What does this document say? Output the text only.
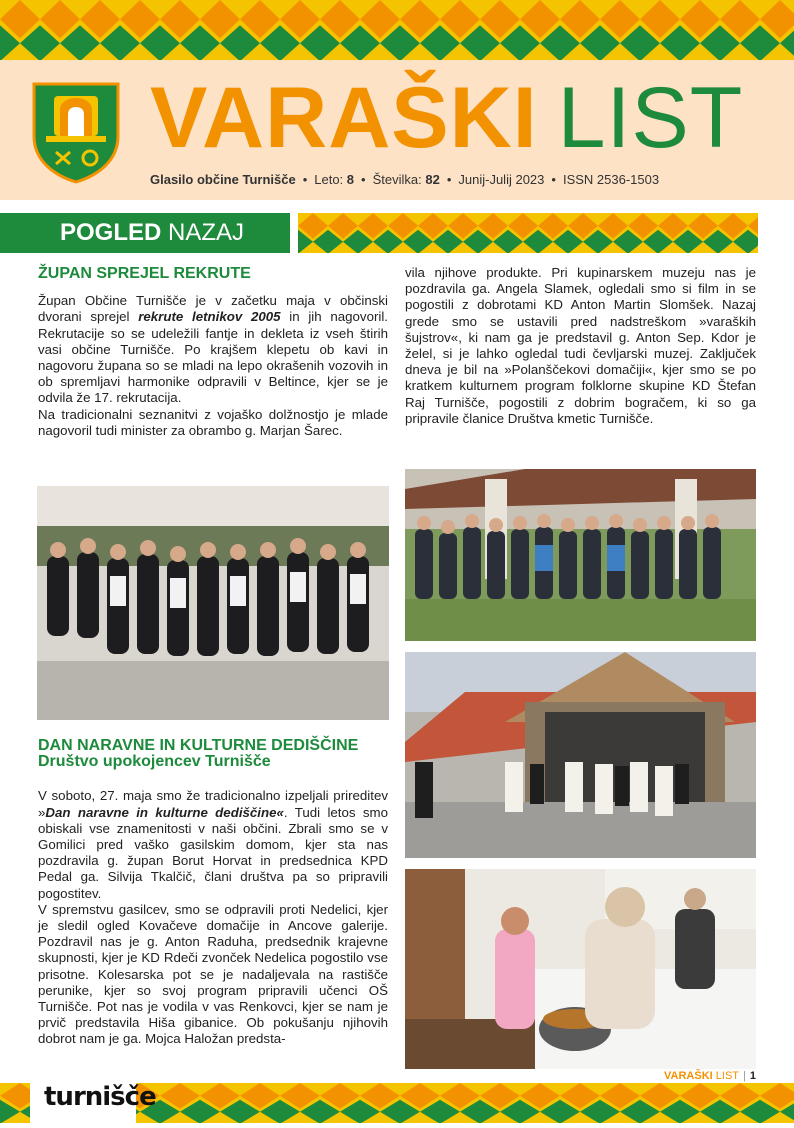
VARAŠKI LIST
Glasilo občine Turnišče • Leto: 8 • Številka: 82 • Junij-Julij 2023 • ISSN 2536-1503
POGLED NAZAJ
ŽUPAN SPREJEL REKRUTE

Župan Občine Turnišče je v začetku maja v občinski dvorani sprejel rekrute letnikov 2005 in jih nagovoril. Rekrutacije so se udeležili fantje in dekleta iz vseh štirih vasi občine Turnišče. Po krajšem klepetu ob kavi in nagovoru župana so se mladi na lepo okrašenih vozovih in ob spremljavi harmonike odpravili v Beltince, kjer se je odvila že 17. rekrutacija.

Na tradicionalni seznanitvi z vojaško dolžnostjo je mlade nagovoril tudi minister za obrambo g. Marjan Šarec.

DAN NARAVNE IN KULTURNE DEDIŠČINE
Društvo upokojencev Turnišče

V soboto, 27. maja smo že tradicionalno izpeljali prireditev »Dan naravne in kulturne dediščine«. Tudi letos smo obiskali vse znamenitosti v naši občini. Zbrali smo se v Gomilici pred vaško gasilskim domom, kjer sta nas pozdravila g. župan Borut Horvat in predsednica KPD Pedal ga. Silvija Tkalčič, člani društva pa so pripravili pogostitev.

V spremstvu gasilcev, smo se odpravili proti Nedelici, kjer je sledil ogled Kovačeve domačije in Ancove galerije. Pozdravil nas je g. Anton Raduha, predsednik krajevne skupnosti, kjer je KD Rdeči zvonček Nedelica pogostilo vse prisotne. Kolesarska pot se je nadaljevala na rastišče perunike, kjer so svoj program pripravili učenci OŠ Turnišče. Pot nas je vodila v vas Renkovci, kjer se nam je prvič predstavila Hiša gibanice. Ob pokušanju njihovih dobrot nam je ga. Mojca Haložan predsta-

vila njihove produkte. Pri kupinarskem muzeju nas je pozdravila ga. Angela Slamek, ogledali smo si film in se pogostili z dobrotami KD Anton Martin Slomšek. Nazaj grede smo se ustavili pred nadstreškom »varaških šujstrov«, ki nam ga je predstavil g. Anton Sep. Kdor je želel, si je lahko ogledal tudi čevljarski muzej. Zaključek dneva je bil na »Polanščekovi domačiji«, kjer smo se po kratkem kulturnem program folklorne skupine KD Štefan Raj Turnišče, pogostili z dobrim bogračem, ki so ga pripravile članice Društva kmetic Turnišče.

turnišče
VARAŠKI LIST | 1
